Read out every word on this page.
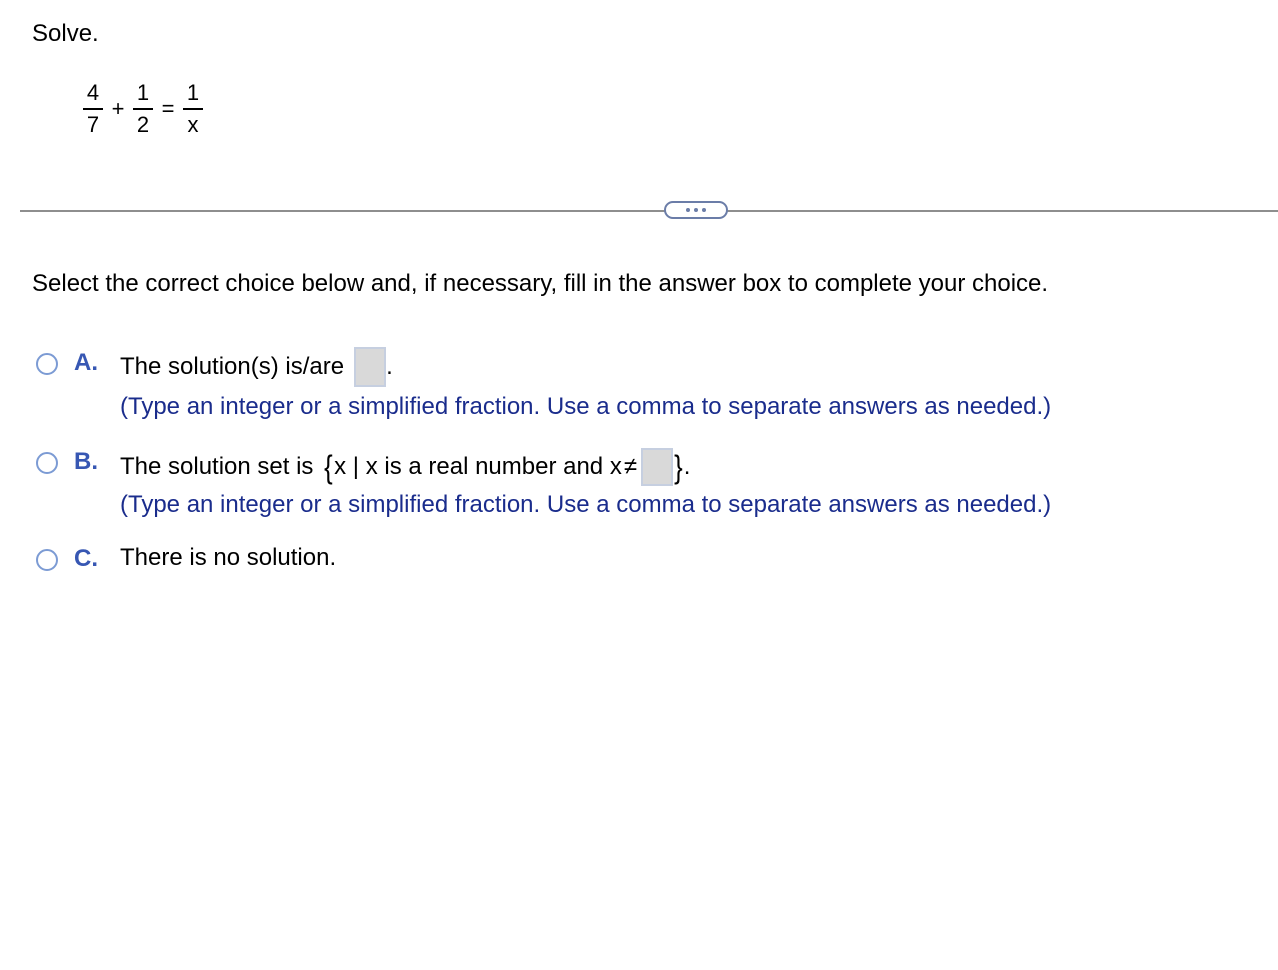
Solve.
$\frac{4}{7} + \frac{1}{2} = \frac{1}{x}$
Select the correct choice below and, if necessary, fill in the answer box to complete your choice.
A. The solution(s) is/are .
(Type an integer or a simplified fraction. Use a comma to separate answers as needed.)
B. The solution set is { x | x is a real number and x ≠ } .
(Type an integer or a simplified fraction. Use a comma to separate answers as needed.)
C. There is no solution.
